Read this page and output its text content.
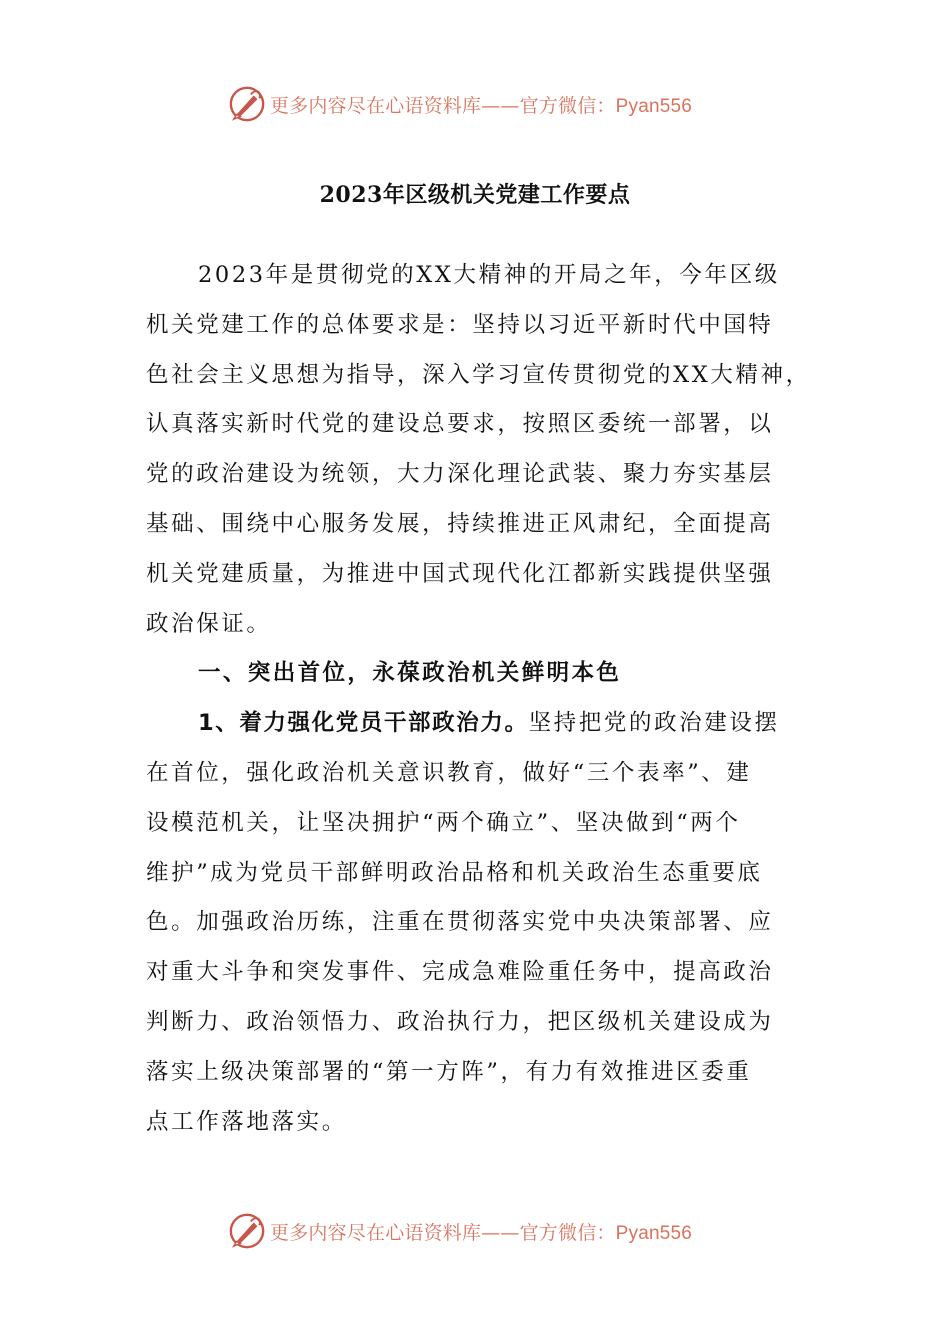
更多内容尽在心语资料库——官方微信：Pyan556
2023年区级机关党建工作要点
2023年是贯彻党的XX大精神的开局之年，今年区级
机关党建工作的总体要求是：坚持以习近平新时代中国特
色社会主义思想为指导，深入学习宣传贯彻党的XX大精神，
认真落实新时代党的建设总要求，按照区委统一部署，以
党的政治建设为统领，大力深化理论武装、聚力夯实基层
基础、围绕中心服务发展，持续推进正风肃纪，全面提高
机关党建质量，为推进中国式现代化江都新实践提供坚强
政治保证。
一、突出首位，永葆政治机关鲜明本色
1、着力强化党员干部政治力。坚持把党的政治建设摆
在首位，强化政治机关意识教育，做好“三个表率”、建
设模范机关，让坚决拥护“两个确立”、坚决做到“两个
维护”成为党员干部鲜明政治品格和机关政治生态重要底
色。加强政治历练，注重在贯彻落实党中央决策部署、应
对重大斗争和突发事件、完成急难险重任务中，提高政治
判断力、政治领悟力、政治执行力，把区级机关建设成为
落实上级决策部署的“第一方阵”，有力有效推进区委重
点工作落地落实。
更多内容尽在心语资料库——官方微信：Pyan556
